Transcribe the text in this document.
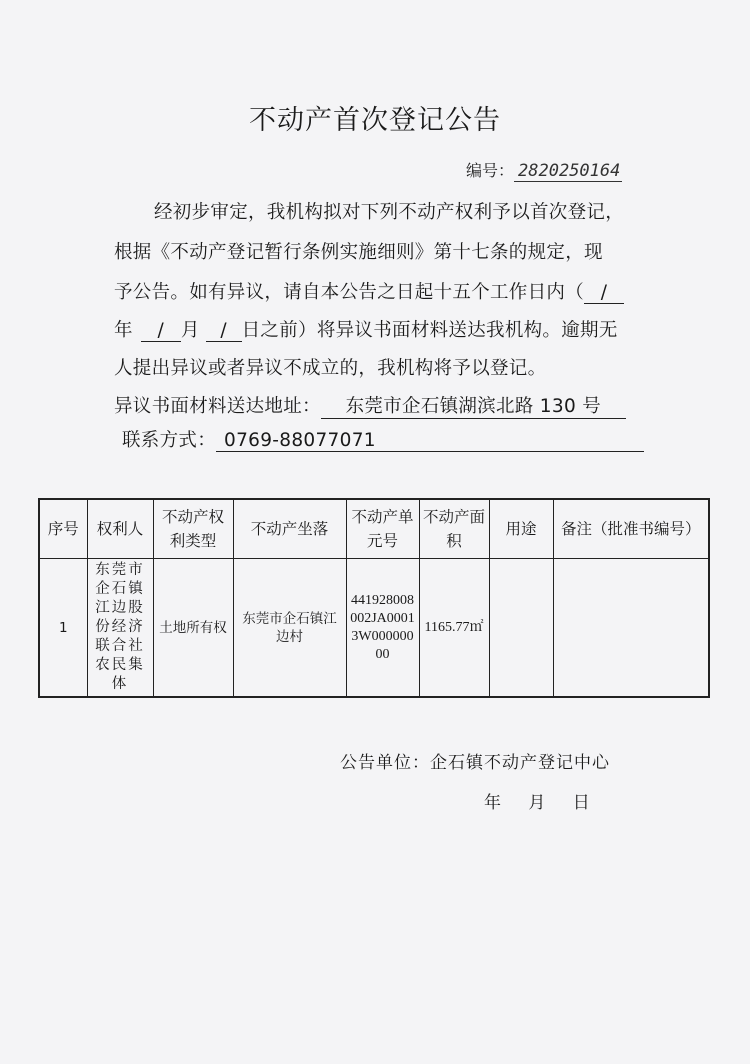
不动产首次登记公告
编号： 2820250164
经初步审定，我机构拟对下列不动产权利予以首次登记，
根据《不动产登记暂行条例实施细则》第十七条的规定，现
予公告。如有异议，请自本公告之日起十五个工作日内（ /
年 / 月 / 日之前）将异议书面材料送达我机构。逾期无
人提出异议或者异议不成立的，我机构将予以登记。
异议书面材料送达地址： 东莞市企石镇湖滨北路 130 号
联系方式： 0769-88077071
序号	权利人	不动产权利类型	不动产坐落	不动产单元号	不动产面积	用途	备注（批准书编号）
1	东莞市企石镇江边股份经济联合社农民集体	土地所有权	东莞市企石镇江边村	441928008002JA00013W00000000	1165.77㎡		
公告单位：企石镇不动产登记中心
年 月 日
